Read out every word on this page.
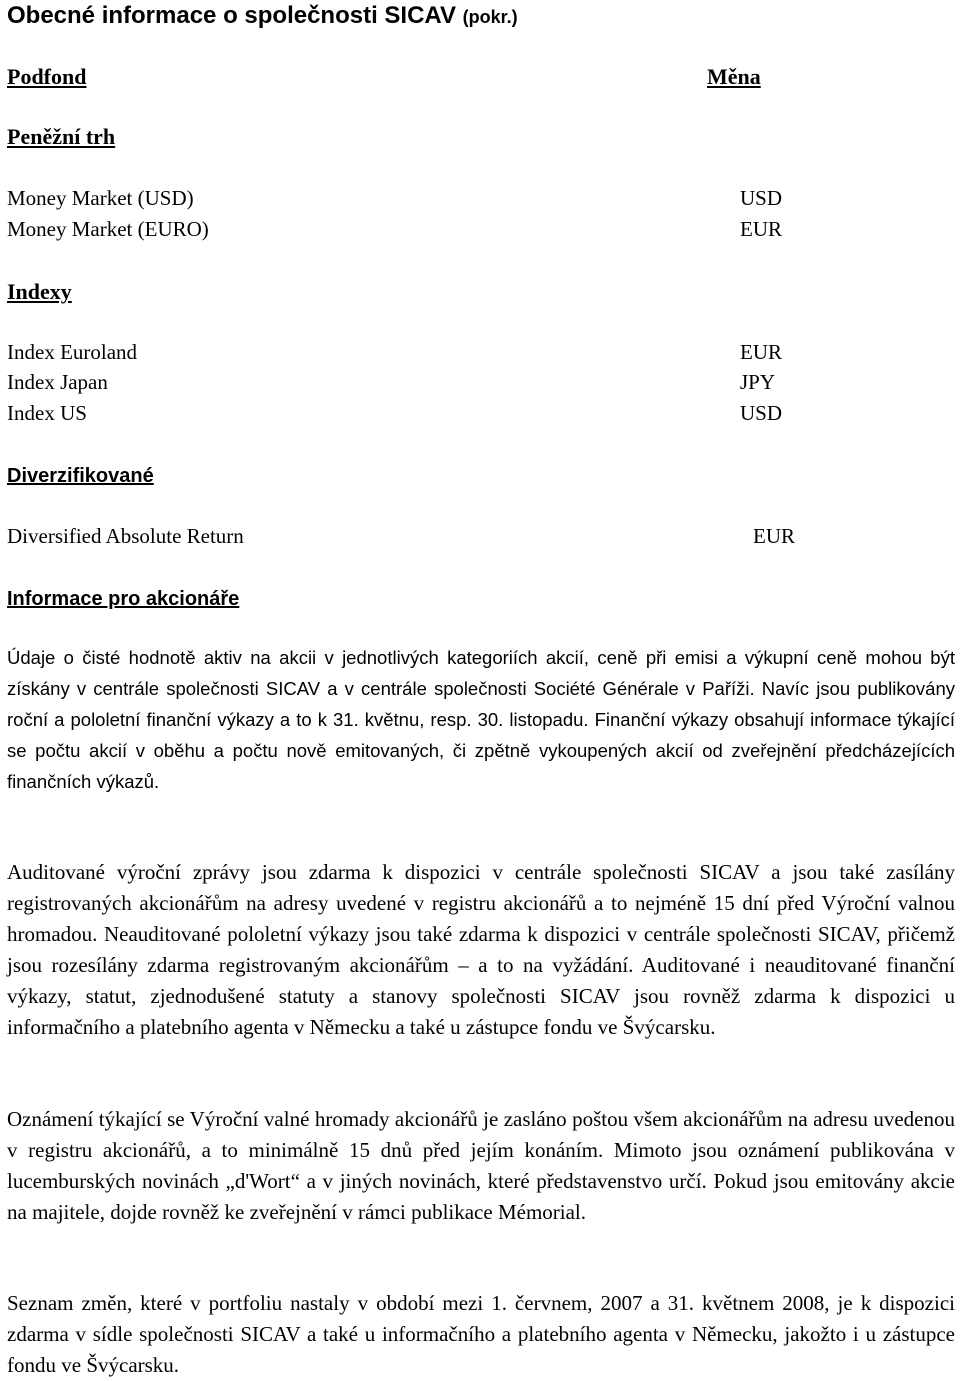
Obecné informace o společnosti SICAV (pokr.)
Podfond	Měna
Peněžní trh
Money Market (USD)	USD
Money Market (EURO)	EUR
Indexy
Index Euroland	EUR
Index Japan	JPY
Index US	USD
Diverzifikované
Diversified Absolute Return	EUR
Informace pro akcionáře

Údaje o čisté hodnotě aktiv na akcii v jednotlivých kategoriích akcií, ceně při emisi a výkupní ceně mohou být získány v centrále společnosti SICAV a v centrále společnosti Société Générale v Paříži. Navíc jsou publikovány roční a pololetní finanční výkazy a to k 31. květnu, resp. 30. listopadu. Finanční výkazy obsahují informace týkající se počtu akcií v oběhu a počtu nově emitovaných, či zpětně vykoupených akcií od zveřejnění předcházejících finančních výkazů.

Auditované výroční zprávy jsou zdarma k dispozici v centrále společnosti SICAV a jsou také zasílány registrovaných akcionářům na adresy uvedené v registru akcionářů a to nejméně 15 dní před Výroční valnou hromadou. Neauditované pololetní výkazy jsou také zdarma k dispozici v centrále společnosti SICAV, přičemž jsou rozesílány zdarma registrovaným akcionářům – a to na vyžádání. Auditované i neauditované finanční výkazy, statut, zjednodušené statuty a stanovy společnosti SICAV jsou rovněž zdarma k dispozici u informačního a platebního agenta v Německu a také u zástupce fondu ve Švýcarsku.

Oznámení týkající se Výroční valné hromady akcionářů je zasláno poštou všem akcionářům na adresu uvedenou v registru akcionářů, a to minimálně 15 dnů před jejím konáním. Mimoto jsou oznámení publikována v lucemburských novinách „d'Wort“ a v jiných novinách, které představenstvo určí. Pokud jsou emitovány akcie na majitele, dojde rovněž ke zveřejnění v rámci publikace Mémorial.

Seznam změn, které v portfoliu nastaly v období mezi 1. červnem, 2007 a 31. květnem 2008, je k dispozici zdarma v sídle společnosti SICAV a také u informačního a platebního agenta v Německu, jakožto i u zástupce fondu ve Švýcarsku.
